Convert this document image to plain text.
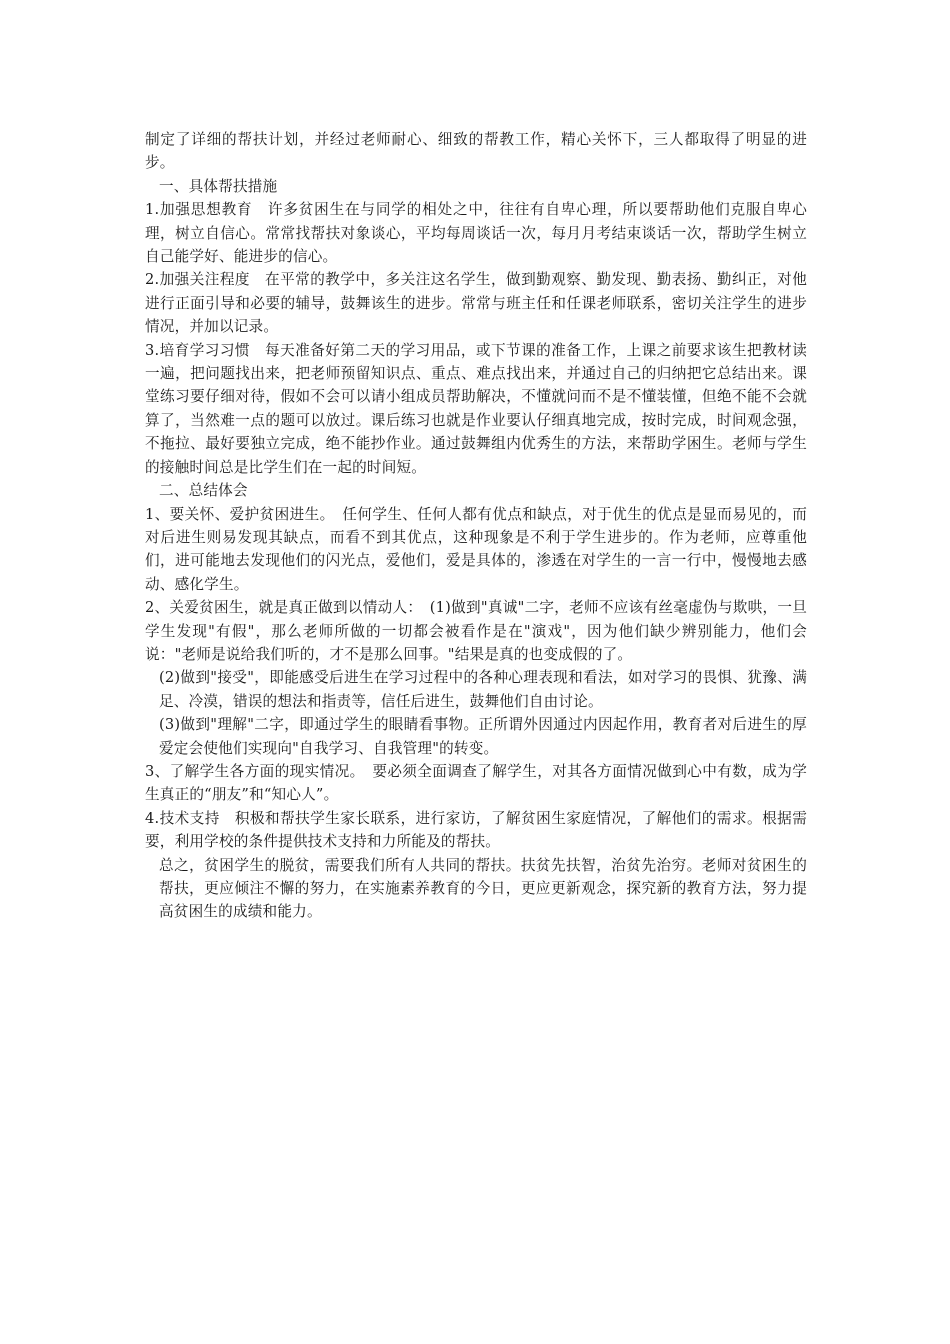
制定了详细的帮扶计划，并经过老师耐心、细致的帮教工作，精心关怀下，三人都取得了明显的进步。

一、具体帮扶措施

1.加强思想教育　许多贫困生在与同学的相处之中，往往有自卑心理，所以要帮助他们克服自卑心理，树立自信心。常常找帮扶对象谈心，平均每周谈话一次，每月月考结束谈话一次，帮助学生树立自己能学好、能进步的信心。

2.加强关注程度　在平常的教学中，多关注这名学生，做到勤观察、勤发现、勤表扬、勤纠正，对他进行正面引导和必要的辅导，鼓舞该生的进步。常常与班主任和任课老师联系，密切关注学生的进步情况，并加以记录。

3.培育学习习惯　每天准备好第二天的学习用品，或下节课的准备工作，上课之前要求该生把教材读一遍，把问题找出来，把老师预留知识点、重点、难点找出来，并通过自己的归纳把它总结出来。课堂练习要仔细对待，假如不会可以请小组成员帮助解决，不懂就问而不是不懂装懂，但绝不能不会就算了，当然难一点的题可以放过。课后练习也就是作业要认仔细真地完成，按时完成，时间观念强，不拖拉、最好要独立完成，绝不能抄作业。通过鼓舞组内优秀生的方法，来帮助学困生。老师与学生的接触时间总是比学生们在一起的时间短。

二、总结体会

1、要关怀、爱护贫困进生。　任何学生、任何人都有优点和缺点，对于优生的优点是显而易见的，而对后进生则易发现其缺点，而看不到其优点，这种现象是不利于学生进步的。作为老师，应尊重他们，进可能地去发现他们的闪光点，爱他们，爱是具体的，渗透在对学生的一言一行中，慢慢地去感动、感化学生。

2、关爱贫困生，就是真正做到以情动人：　(1)做到"真诚"二字，老师不应该有丝毫虚伪与欺哄，一旦学生发现"有假"，那么老师所做的一切都会被看作是在"演戏"，因为他们缺少辨别能力，他们会说："老师是说给我们听的，才不是那么回事。"结果是真的也变成假的了。

(2)做到"接受"，即能感受后进生在学习过程中的各种心理表现和看法，如对学习的畏惧、犹豫、满足、冷漠，错误的想法和指责等，信任后进生，鼓舞他们自由讨论。

(3)做到"理解"二字，即通过学生的眼睛看事物。正所谓外因通过内因起作用，教育者对后进生的厚爱定会使他们实现向"自我学习、自我管理"的转变。

3、了解学生各方面的现实情况。　要必须全面调查了解学生，对其各方面情况做到心中有数，成为学生真正的“朋友”和“知心人”。

4.技术支持　积极和帮扶学生家长联系，进行家访，了解贫困生家庭情况，了解他们的需求。根据需要，利用学校的条件提供技术支持和力所能及的帮扶。

总之，贫困学生的脱贫，需要我们所有人共同的帮扶。扶贫先扶智，治贫先治穷。老师对贫困生的帮扶，更应倾注不懈的努力，在实施素养教育的今日，更应更新观念，探究新的教育方法，努力提高贫困生的成绩和能力。
